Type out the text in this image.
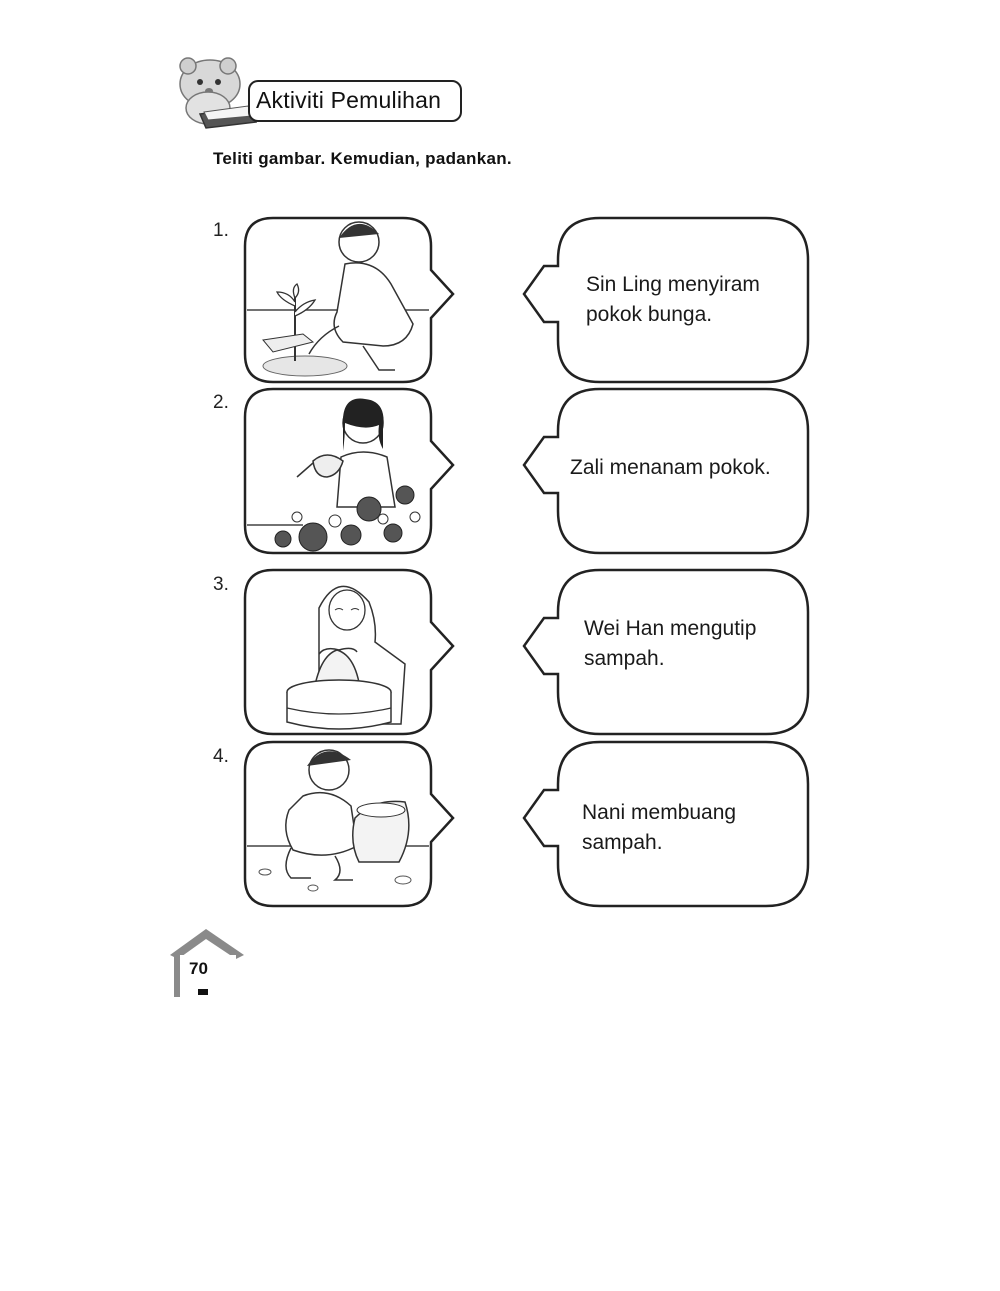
Aktiviti Pemulihan
Teliti gambar. Kemudian, padankan.
1.
Sin Ling menyiram
pokok bunga.
2.
Zali menanam pokok.
3.
Wei Han mengutip
sampah.
4.
Nani membuang
sampah.
70
